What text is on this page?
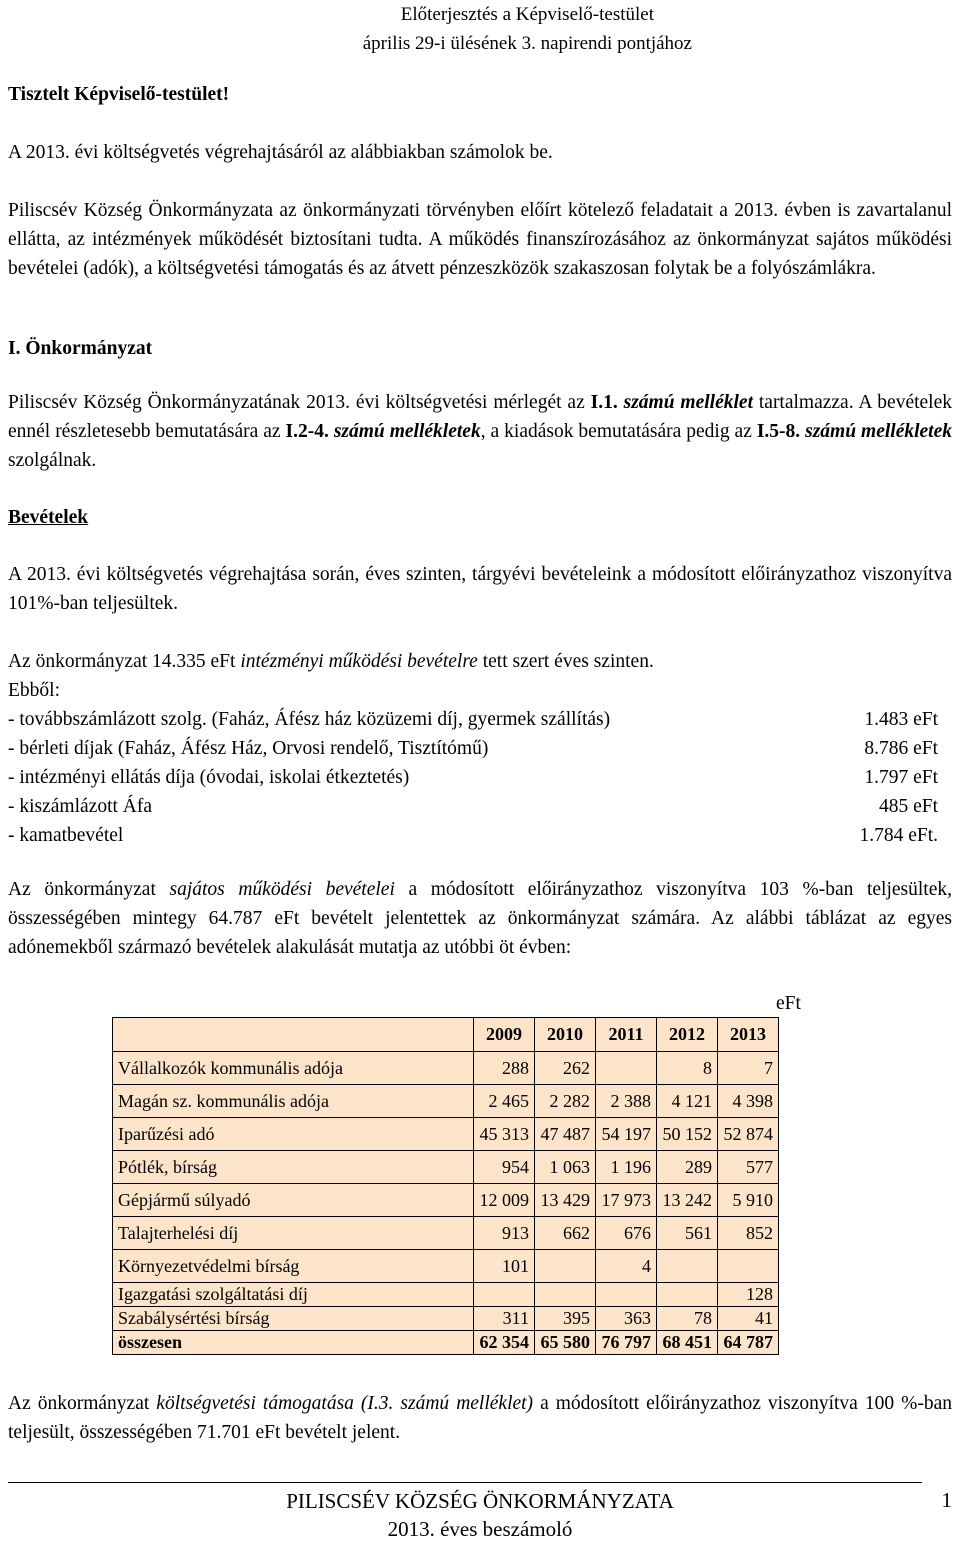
Előterjesztés a Képviselő-testület
április 29-i ülésének 3. napirendi pontjához
Tisztelt Képviselő-testület!
A 2013. évi költségvetés végrehajtásáról az alábbiakban számolok be.
Piliscsév Község Önkormányzata az önkormányzati törvényben előírt kötelező feladatait a 2013. évben is zavartalanul ellátta, az intézmények működését biztosítani tudta. A működés finanszírozásához az önkormányzat sajátos működési bevételei (adók), a költségvetési támogatás és az átvett pénzeszközök szakaszosan folytak be a folyószámlákra.
I. Önkormányzat
Piliscsév Község Önkormányzatának 2013. évi költségvetési mérlegét az I.1. számú melléklet tartalmazza. A bevételek ennél részletesebb bemutatására az I.2-4. számú mellékletek, a kiadások bemutatására pedig az I.5-8. számú mellékletek szolgálnak.
Bevételek
A 2013. évi költségvetés végrehajtása során, éves szinten, tárgyévi bevételeink a módosított előirányzathoz viszonyítva 101%-ban teljesültek.
Az önkormányzat 14.335 eFt intézményi működési bevételre tett szert éves szinten.
Ebből:
- továbbszámlázott szolg. (Faház, Áfész ház közüzemi díj, gyermek szállítás)	1.483 eFt
- bérleti díjak (Faház, Áfész Ház, Orvosi rendelő, Tisztítómű)	8.786 eFt
- intézményi ellátás díja (óvodai, iskolai étkeztetés)	1.797 eFt
- kiszámlázott Áfa	485 eFt
- kamatbevétel	1.784 eFt.
Az önkormányzat sajátos működési bevételei a módosított előirányzathoz viszonyítva 103 %-ban teljesültek, összességében mintegy 64.787 eFt bevételt jelentettek az önkormányzat számára. Az alábbi táblázat az egyes adónemekből származó bevételek alakulását mutatja az utóbbi öt évben:
eFt
	2009	2010	2011	2012	2013
Vállalkozók kommunális adója	288	262		8	7
Magán sz. kommunális adója	2 465	2 282	2 388	4 121	4 398
Iparűzési adó	45 313	47 487	54 197	50 152	52 874
Pótlék, bírság	954	1 063	1 196	289	577
Gépjármű súlyadó	12 009	13 429	17 973	13 242	5 910
Talajterhelési díj	913	662	676	561	852
Környezetvédelmi bírság	101		4		
Igazgatási szolgáltatási díj					128
Szabálysértési bírság	311	395	363	78	41
összesen	62 354	65 580	76 797	68 451	64 787
Az önkormányzat költségvetési támogatása (I.3. számú melléklet) a módosított előirányzathoz viszonyítva 100 %-ban teljesült, összességében 71.701 eFt bevételt jelent.
PILISCSÉV KÖZSÉG ÖNKORMÁNYZATA
2013. éves beszámoló
1
